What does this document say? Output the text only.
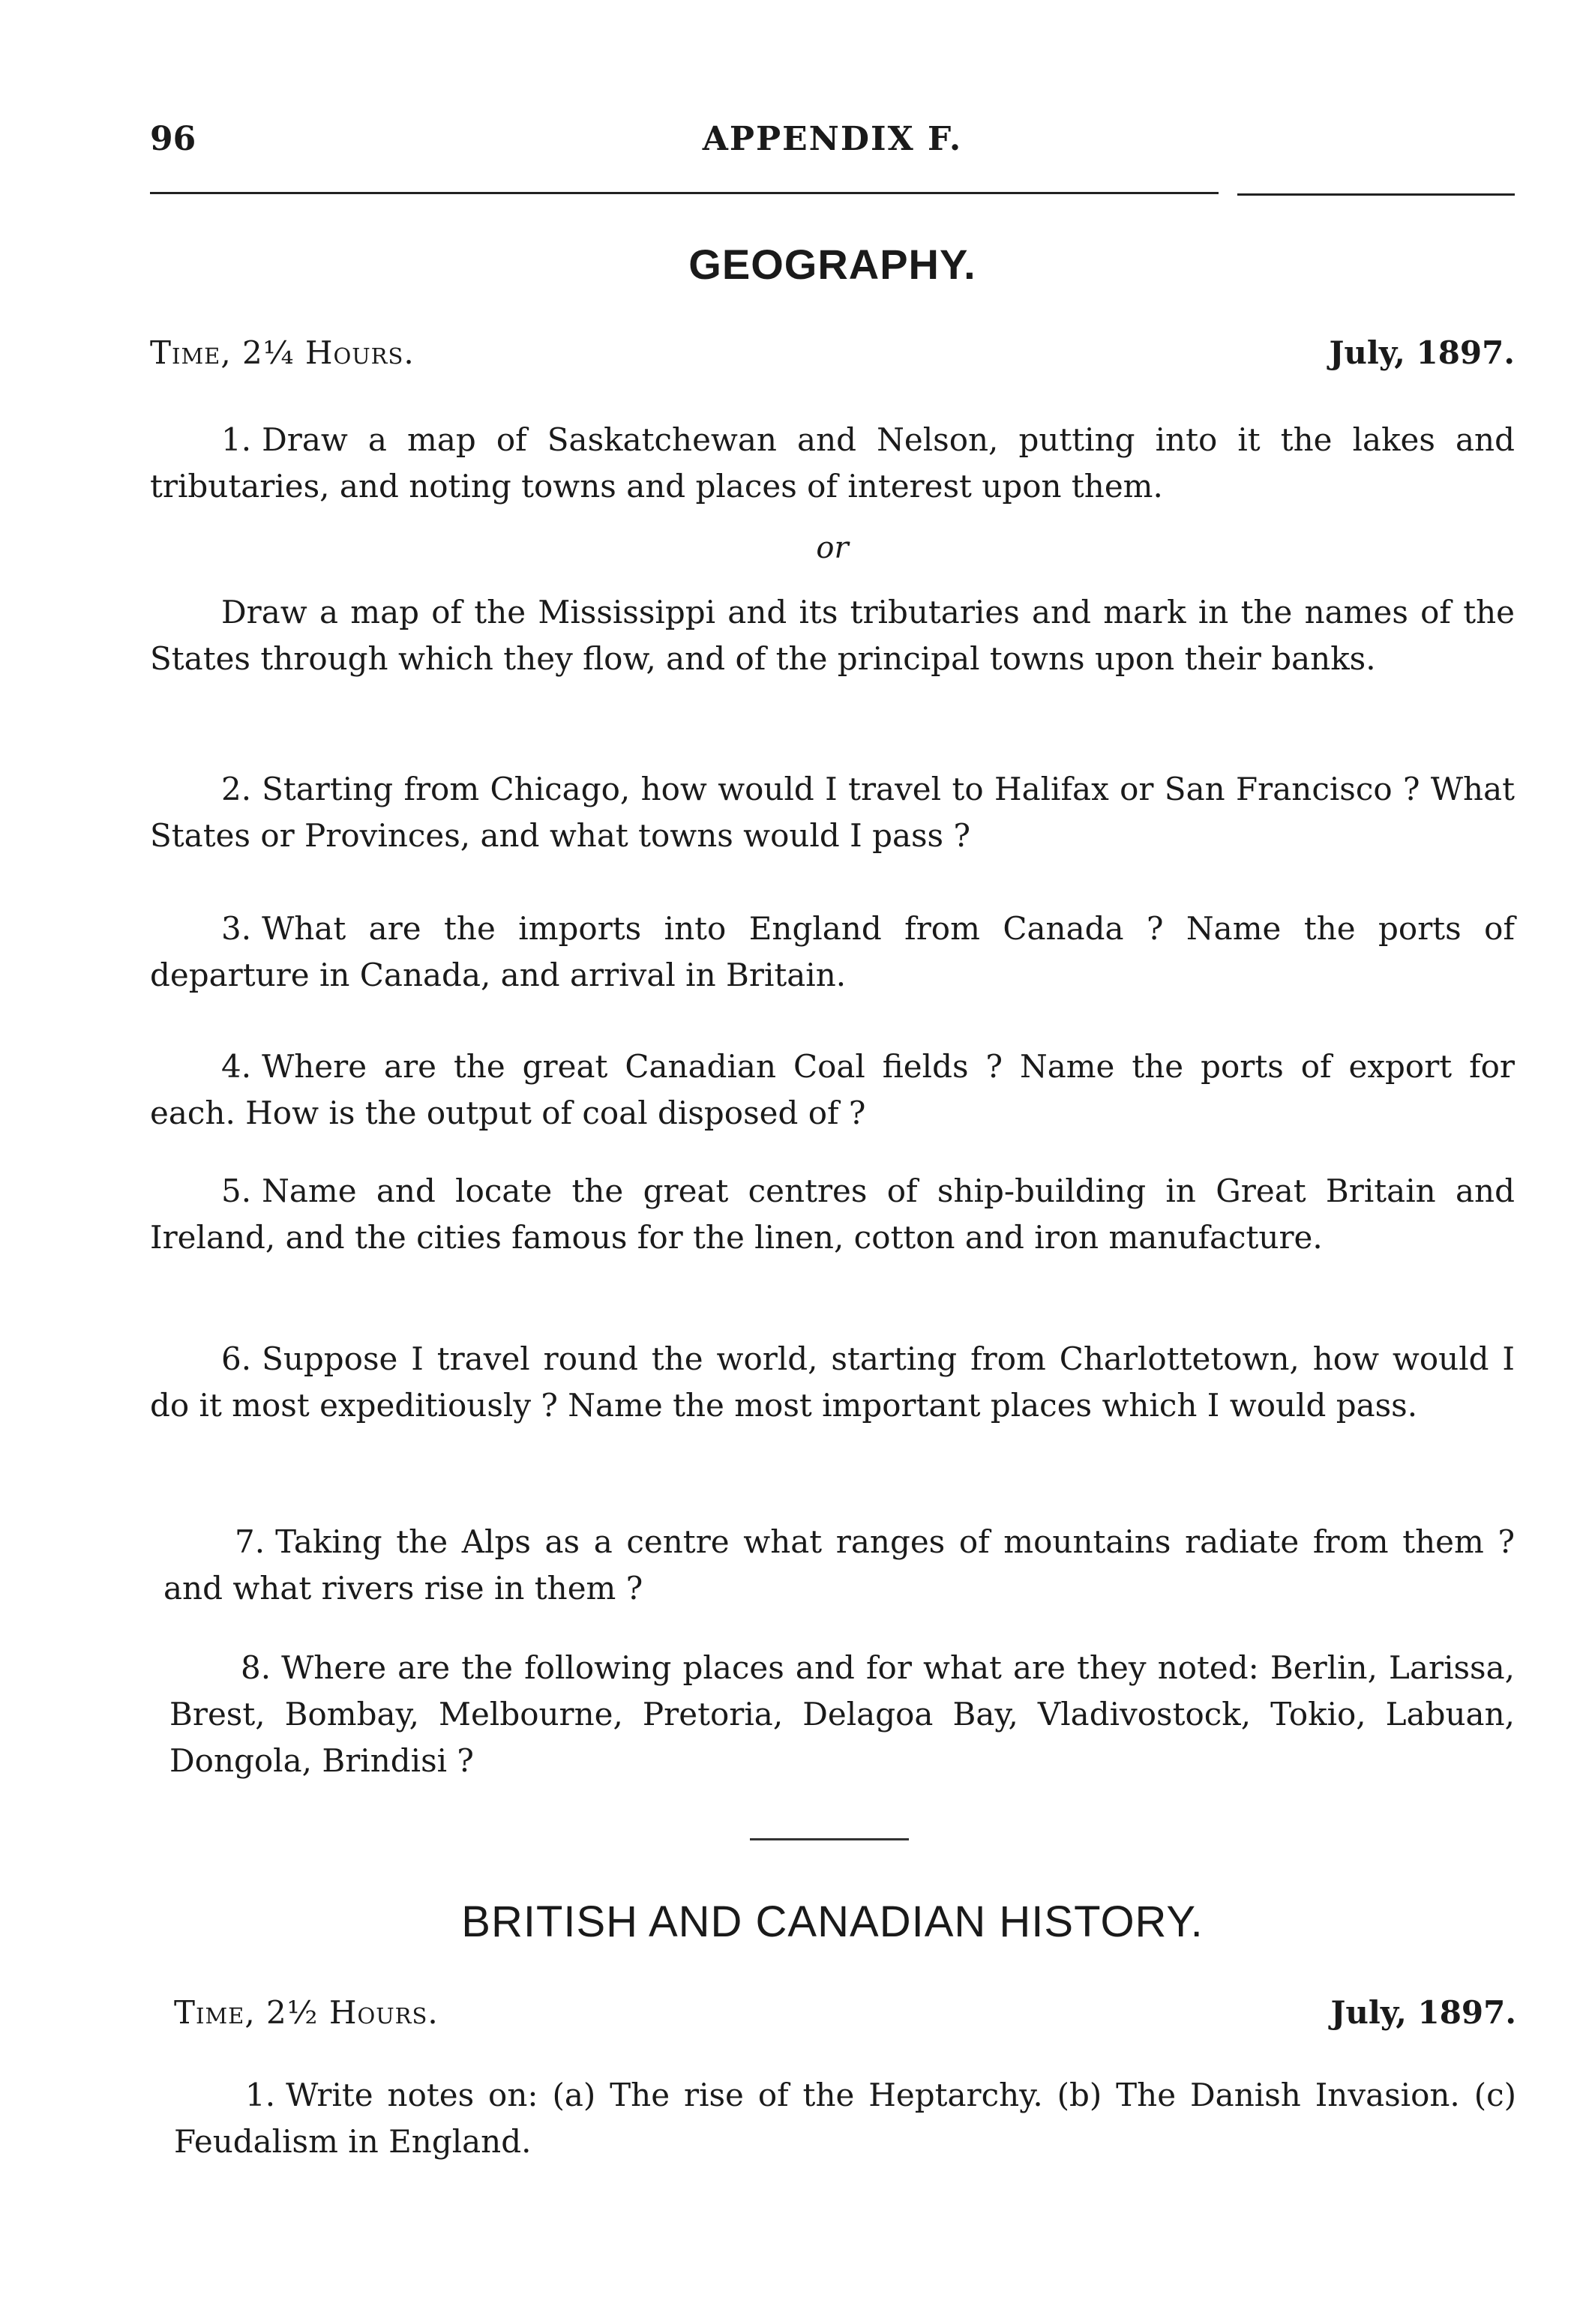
96	APPENDIX F.
GEOGRAPHY.
Time, 2¼ Hours.	July, 1897.

1. Draw a map of Saskatchewan and Nelson, putting into it the lakes and tributaries, and noting towns and places of interest upon them.

or

Draw a map of the Mississippi and its tributaries and mark in the names of the States through which they flow, and of the principal towns upon their banks.

2. Starting from Chicago, how would I travel to Halifax or San Francisco ? What States or Provinces, and what towns would I pass ?

3. What are the imports into England from Canada ? Name the ports of departure in Canada, and arrival in Britain.

4. Where are the great Canadian Coal fields ? Name the ports of export for each. How is the output of coal disposed of ?

5. Name and locate the great centres of ship-building in Great Britain and Ireland, and the cities famous for the linen, cotton and iron manufacture.

6. Suppose I travel round the world, starting from Charlottetown, how would I do it most expeditiously ? Name the most important places which I would pass.

7. Taking the Alps as a centre what ranges of mountains radiate from them ? and what rivers rise in them ?

8. Where are the following places and for what are they noted: Berlin, Larissa, Brest, Bombay, Melbourne, Pretoria, Delagoa Bay, Vladivostock, Tokio, Labuan, Dongola, Brindisi ?

BRITISH AND CANADIAN HISTORY.
Time, 2½ Hours.	July, 1897.

1. Write notes on: (a) The rise of the Heptarchy. (b) The Danish Invasion. (c) Feudalism in England.
